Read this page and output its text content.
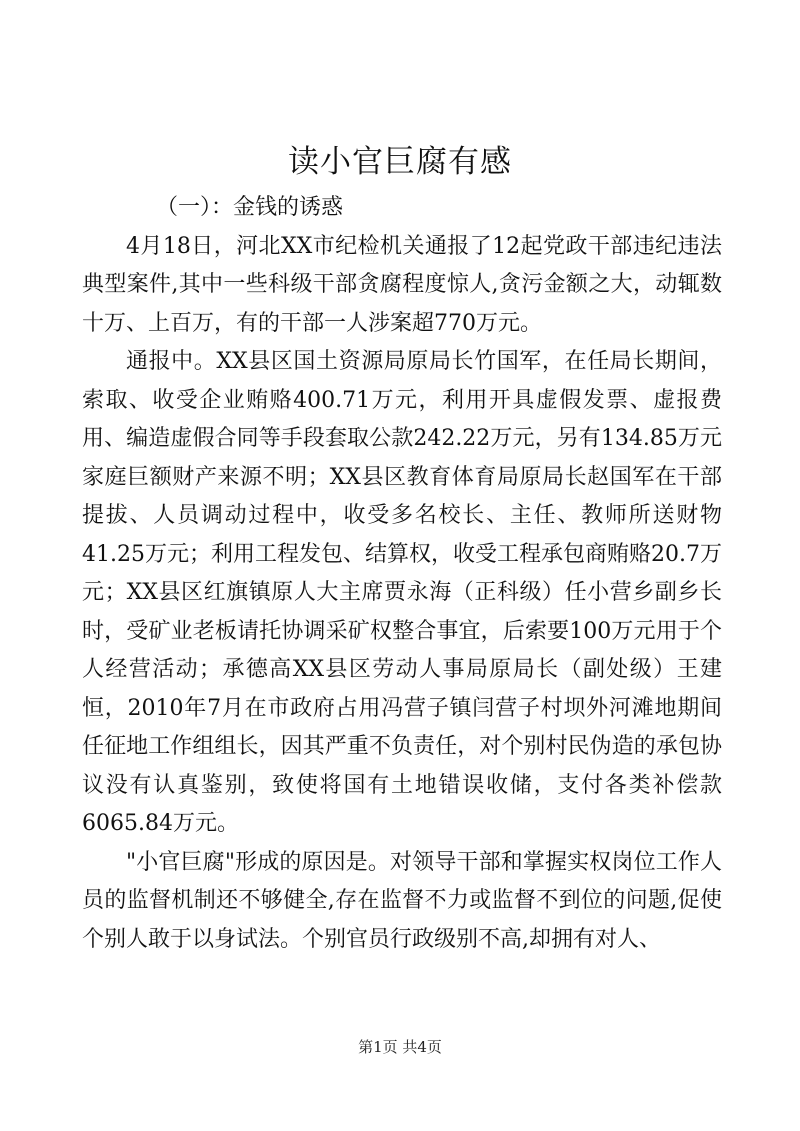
读小官巨腐有感

（一）：金钱的诱惑

4月18日，河北XX市纪检机关通报了12起党政干部违纪违法典型案件,其中一些科级干部贪腐程度惊人,贪污金额之大，动辄数十万、上百万，有的干部一人涉案超770万元。

通报中。XX县区国土资源局原局长竹国军，在任局长期间，索取、收受企业贿赂400.71万元，利用开具虚假发票、虚报费用、编造虚假合同等手段套取公款242.22万元，另有134.85万元家庭巨额财产来源不明；XX县区教育体育局原局长赵国军在干部提拔、人员调动过程中，收受多名校长、主任、教师所送财物41.25万元；利用工程发包、结算权，收受工程承包商贿赂20.7万元；XX县区红旗镇原人大主席贾永海（正科级）任小营乡副乡长时，受矿业老板请托协调采矿权整合事宜，后索要100万元用于个人经营活动；承德高XX县区劳动人事局原局长（副处级）王建恒，2010年7月在市政府占用冯营子镇闫营子村坝外河滩地期间任征地工作组组长，因其严重不负责任，对个别村民伪造的承包协议没有认真鉴别，致使将国有土地错误收储，支付各类补偿款6065.84万元。

"小官巨腐"形成的原因是。对领导干部和掌握实权岗位工作人员的监督机制还不够健全,存在监督不力或监督不到位的问题,促使个别人敢于以身试法。个别官员行政级别不高,却拥有对人、

第1页 共4页
